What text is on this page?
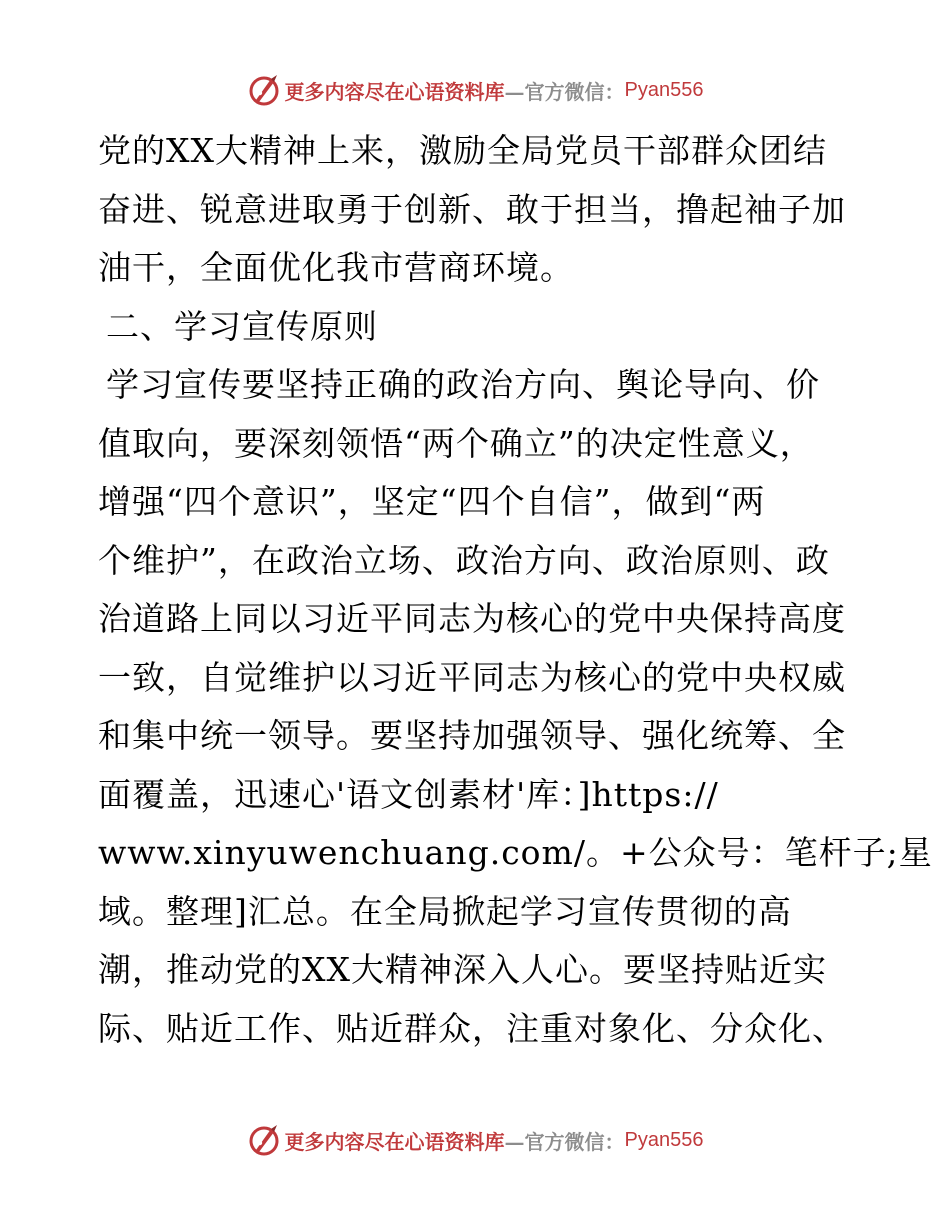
更多内容尽在心语资料库 —官方微信： Pyan556
党的XX大精神上来，激励全局党员干部群众团结
奋进、锐意进取勇于创新、敢于担当，撸起袖子加
油干，全面优化我市营商环境。
二、学习宣传原则
学习宣传要坚持正确的政治方向、舆论导向、价
值取向，要深刻领悟“两个确立”的决定性意义，
增强“四个意识”，坚定“四个自信”，做到“两
个维护”，在政治立场、政治方向、政治原则、政
治道路上同以习近平同志为核心的党中央保持高度
一致，自觉维护以习近平同志为核心的党中央权威
和集中统一领导。要坚持加强领导、强化统筹、全
面覆盖，迅速心'语文创素材'库：]https://
www.xinyuwenchuang.com/。+公众号：笔杆子;星
域。整理]汇总。在全局掀起学习宣传贯彻的高
潮，推动党的XX大精神深入人心。要坚持贴近实
际、贴近工作、贴近群众，注重对象化、分众化、
更多内容尽在心语资料库 —官方微信： Pyan556
